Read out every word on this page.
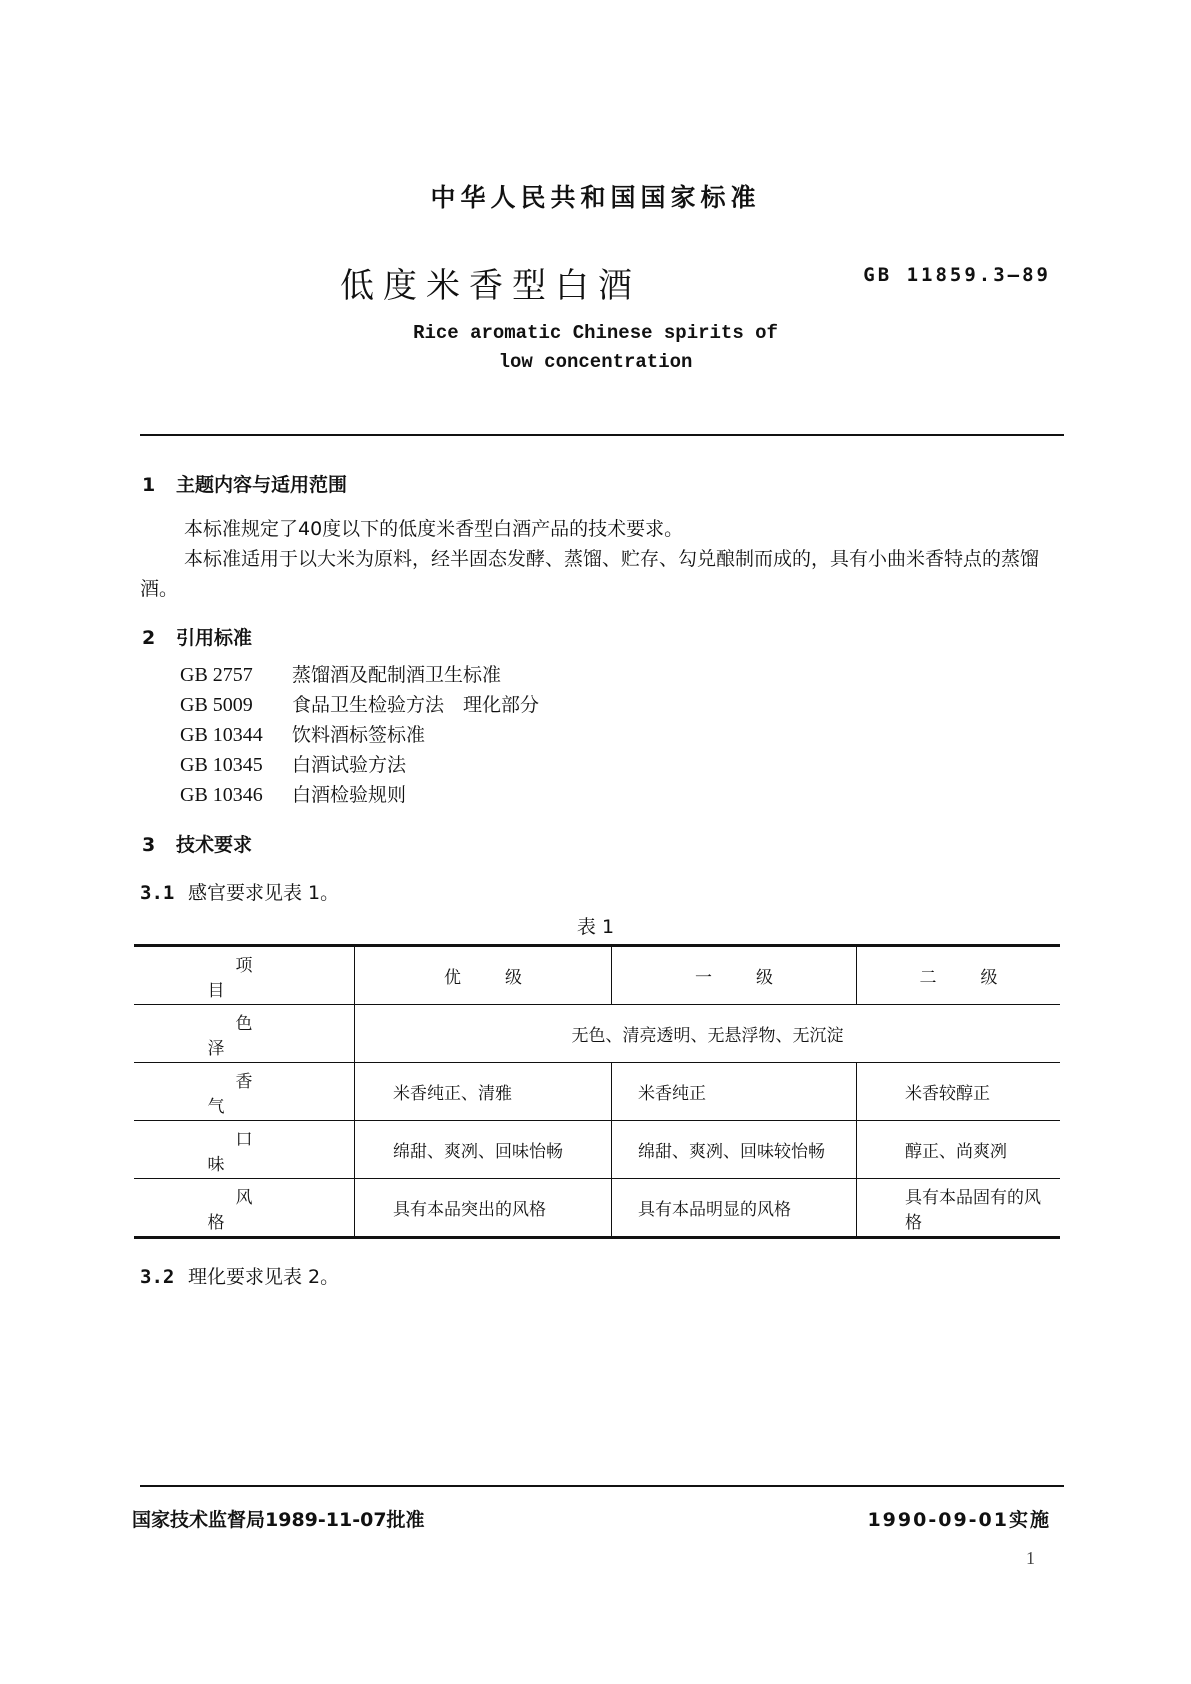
中华人民共和国国家标准
低度米香型白酒	GB 11859.3—89
Rice aromatic Chinese spirits of
low concentration
1 主题内容与适用范围
本标准规定了40度以下的低度米香型白酒产品的技术要求。
本标准适用于以大米为原料，经半固态发酵、蒸馏、贮存、勾兑酿制而成的，具有小曲米香特点的蒸馏酒。
2 引用标准
GB 2757 蒸馏酒及配制酒卫生标准
GB 5009 食品卫生检验方法　理化部分
GB 10344 饮料酒标签标准
GB 10345 白酒试验方法
GB 10346 白酒检验规则
3 技术要求
3.1 感官要求见表 1。
表 1
项目	优级	一级	二级
色泽	无色、清亮透明、无悬浮物、无沉淀		
香气	米香纯正、清雅	米香纯正	米香较醇正
口味	绵甜、爽冽、回味怡畅	绵甜、爽冽、回味较怡畅	醇正、尚爽冽
风格	具有本品突出的风格	具有本品明显的风格	具有本品固有的风格
3.2 理化要求见表 2。
国家技术监督局1989-11-07批准	1990-09-01实施
1
